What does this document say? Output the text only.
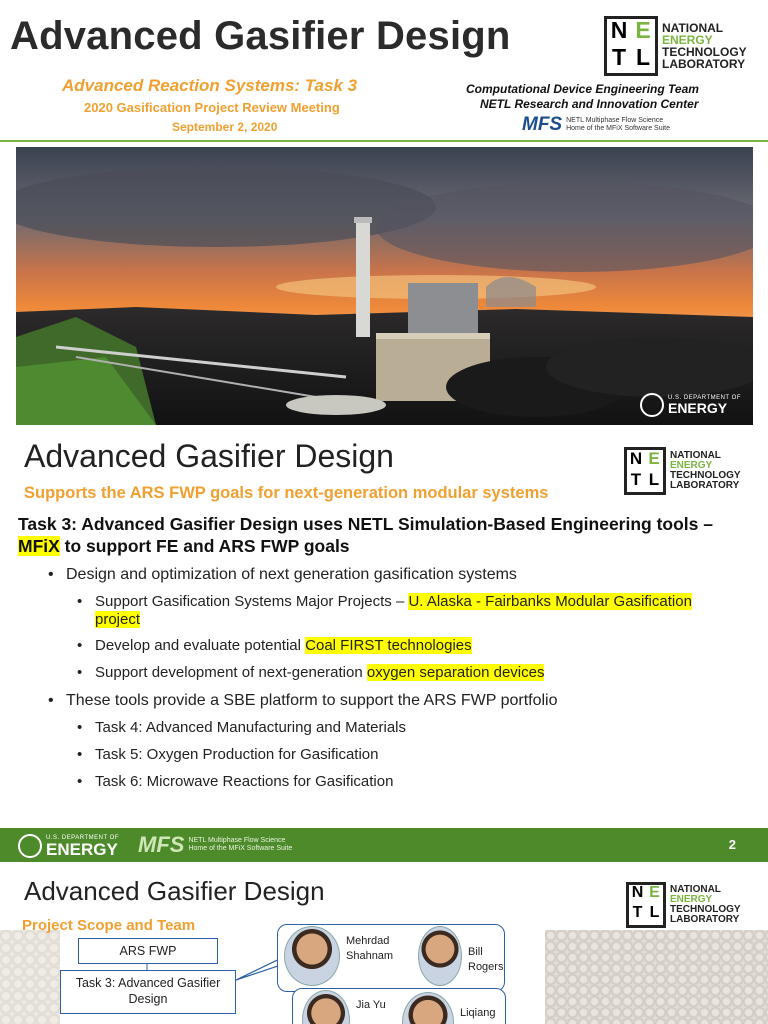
Advanced Gasifier Design
Advanced Reaction Systems: Task 3
2020 Gasification Project Review Meeting
September 2, 2020
Computational Device Engineering Team
NETL Research and Innovation Center
MFS NETL Multiphase Flow Science
Home of the MFiX Software Suite
N E
T L
NATIONAL
ENERGY
TECHNOLOGY
LABORATORY
U.S. DEPARTMENT OF
ENERGY
Advanced Gasifier Design	N E
T L
NATIONAL
ENERGY
TECHNOLOGY
LABORATORY
Supports the ARS FWP goals for next-generation modular systems
Task 3: Advanced Gasifier Design uses NETL Simulation-Based Engineering tools – MFiX to support FE and ARS FWP goals
• Design and optimization of next generation gasification systems
• Support Gasification Systems Major Projects – U. Alaska - Fairbanks Modular Gasification project
• Develop and evaluate potential Coal FIRST technologies
• Support development of next-generation oxygen separation devices
• These tools provide a SBE platform to support the ARS FWP portfolio
• Task 4: Advanced Manufacturing and Materials
• Task 5: Oxygen Production for Gasification
• Task 6: Microwave Reactions for Gasification
U.S. DEPARTMENT OF
ENERGY MFS NETL Multiphase Flow Science
Home of the MFiX Software Suite	2
Advanced Gasifier Design
Project Scope and Team
N E
T L
NATIONAL
ENERGY
TECHNOLOGY
LABORATORY
ARS FWP
Task 3: Advanced Gasifier Design
Mehrdad
Shahnam	Bill
Rogers
Jia Yu
Liqiang
